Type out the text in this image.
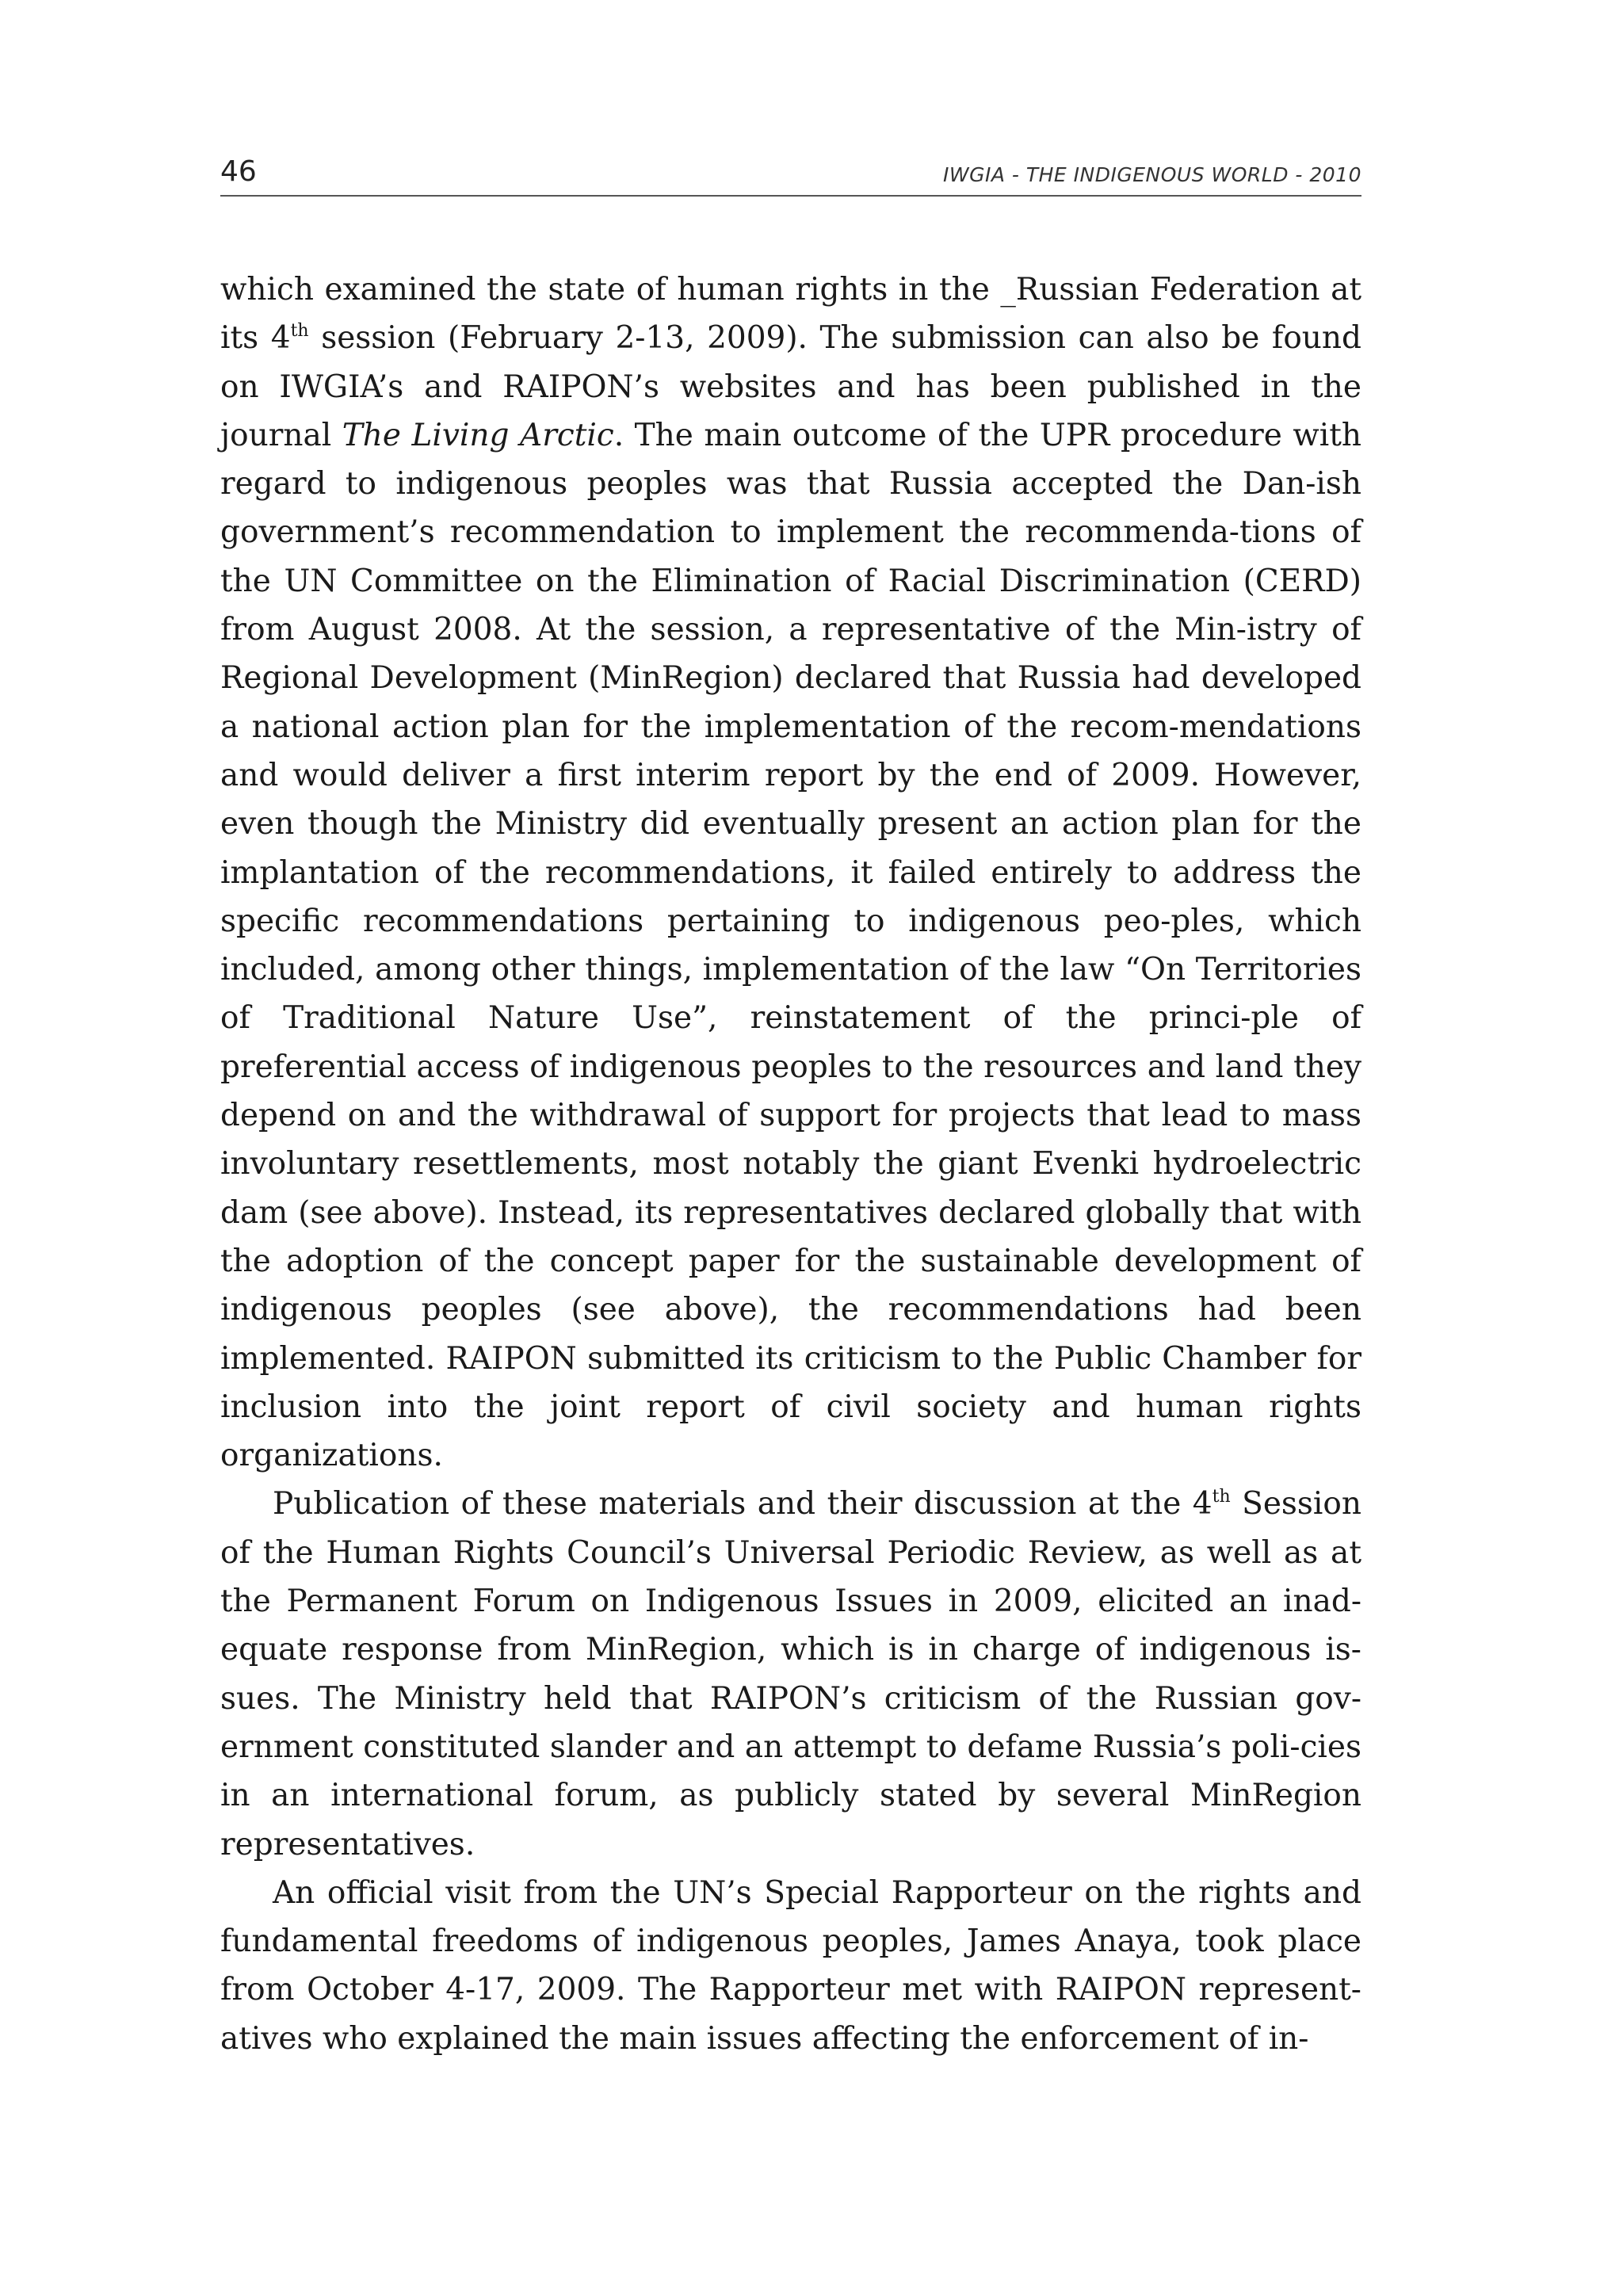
46	IWGIA - THE INDIGENOUS WORLD - 2010

which examined the state of human rights in the _Russian Federation at its 4th session (February 2-13, 2009). The submission can also be found on IWGIA’s and RAIPON’s websites and has been published in the journal The Living Arctic. The main outcome of the UPR procedure with regard to indigenous peoples was that Russia accepted the Dan-ish government’s recommendation to implement the recommenda-tions of the UN Committee on the Elimination of Racial Discrimination (CERD) from August 2008. At the session, a representative of the Min-istry of Regional Development (MinRegion) declared that Russia had developed a national action plan for the implementation of the recom-mendations and would deliver a first interim report by the end of 2009. However, even though the Ministry did eventually present an action plan for the implantation of the recommendations, it failed entirely to address the specific recommendations pertaining to indigenous peo-ples, which included, among other things, implementation of the law “On Territories of Traditional Nature Use”, reinstatement of the princi-ple of preferential access of indigenous peoples to the resources and land they depend on and the withdrawal of support for projects that lead to mass involuntary resettlements, most notably the giant Evenki hydroelectric dam (see above). Instead, its representatives declared globally that with the adoption of the concept paper for the sustainable development of indigenous peoples (see above), the recommendations had been implemented. RAIPON submitted its criticism to the Public Chamber for inclusion into the joint report of civil society and human rights organizations.

Publication of these materials and their discussion at the 4th Session of the Human Rights Council’s Universal Periodic Review, as well as at the Permanent Forum on Indigenous Issues in 2009, elicited an inad-equate response from MinRegion, which is in charge of indigenous is-sues. The Ministry held that RAIPON’s criticism of the Russian gov-ernment constituted slander and an attempt to defame Russia’s poli-cies in an international forum, as publicly stated by several MinRegion representatives.

An official visit from the UN’s Special Rapporteur on the rights and fundamental freedoms of indigenous peoples, James Anaya, took place from October 4-17, 2009. The Rapporteur met with RAIPON represent-atives who explained the main issues affecting the enforcement of in-
